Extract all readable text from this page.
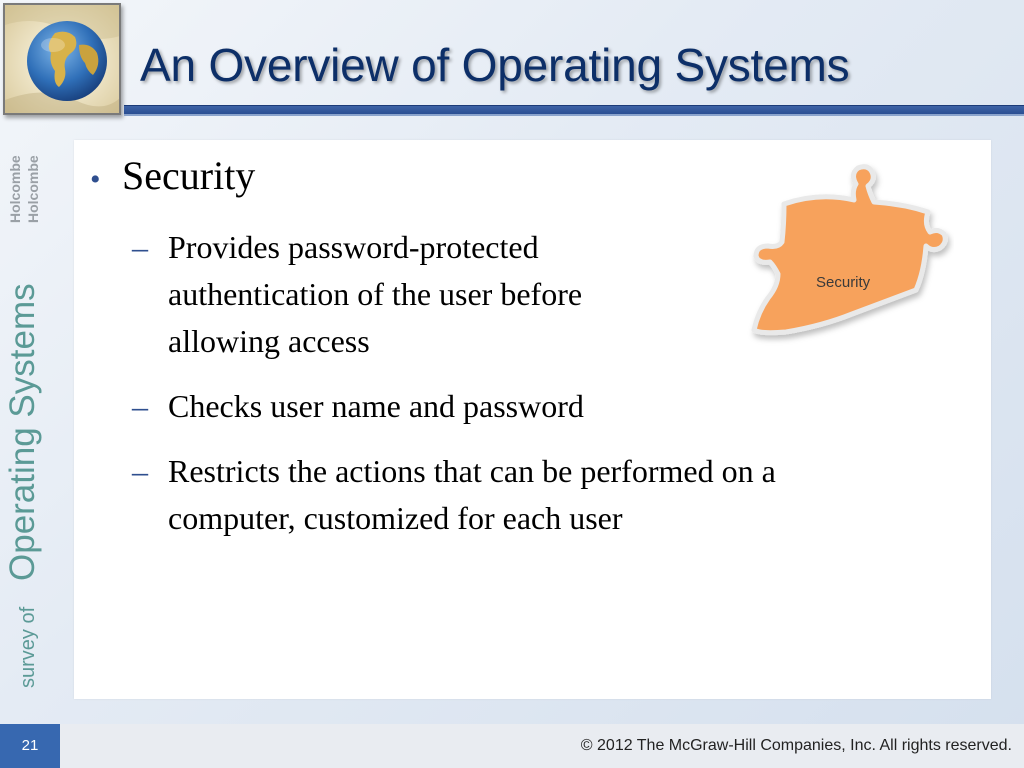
An Overview of Operating Systems
survey of
Operating Systems
Holcombe Holcombe • Security
– Provides password-protected authentication of the user before allowing access
– Checks user name and password
– Restricts the actions that can be performed on a computer, customized for each user
Security
21	© 2012 The McGraw-Hill Companies, Inc. All rights reserved.
